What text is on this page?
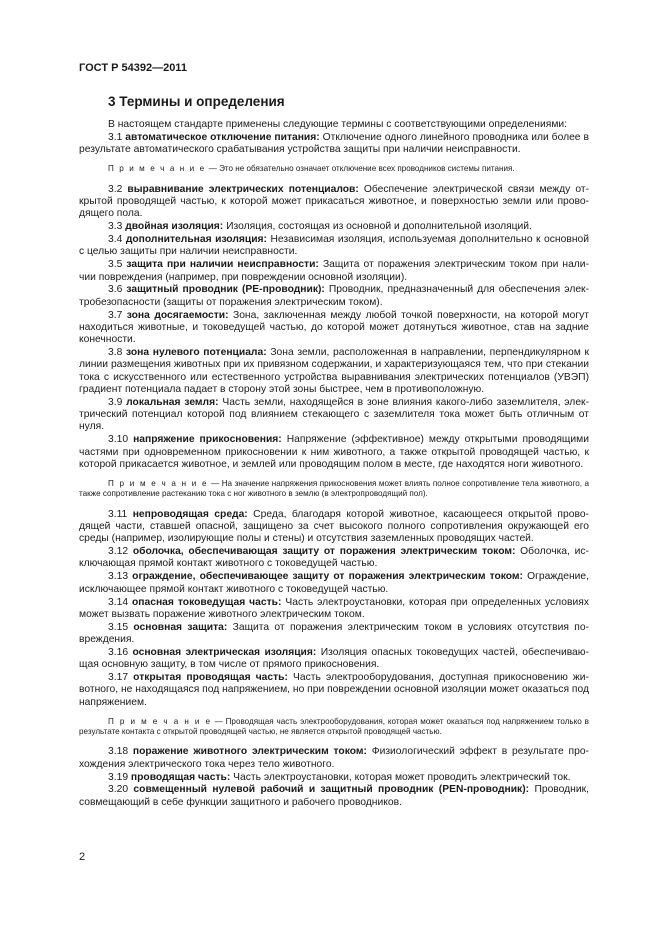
ГОСТ Р 54392—2011
3 Термины и определения

В настоящем стандарте применены следующие термины с соответствующими определениями:

3.1 автоматическое отключение питания: Отключение одного линейного проводника или более в результате автоматического срабатывания устройства защиты при наличии неисправности.

П р и м е ч а н и е — Это не обязательно означает отключение всех проводников системы питания.

3.2 выравнивание электрических потенциалов: Обеспечение электрической связи между открытой проводящей частью, к которой может прикасаться животное, и поверхностью земли или проводящего пола.

3.3 двойная изоляция: Изоляция, состоящая из основной и дополнительной изоляций.

3.4 дополнительная изоляция: Независимая изоляция, используемая дополнительно к основной с целью защиты при наличии неисправности.

3.5 защита при наличии неисправности: Защита от поражения электрическим током при наличии повреждения (например, при повреждении основной изоляции).

3.6 защитный проводник (PE-проводник): Проводник, предназначенный для обеспечения электробезопасности (защиты от поражения электрическим током).

3.7 зона досягаемости: Зона, заключенная между любой точкой поверхности, на которой могут находиться животные, и токоведущей частью, до которой может дотянуться животное, став на задние конечности.

3.8 зона нулевого потенциала: Зона земли, расположенная в направлении, перпендикулярном к линии размещения животных при их привязном содержании, и характеризующаяся тем, что при стекании тока с искусственного или естественного устройства выравнивания электрических потенциалов (УВЭП) градиент потенциала падает в сторону этой зоны быстрее, чем в противоположную.

3.9 локальная земля: Часть земли, находящейся в зоне влияния какого-либо заземлителя, электрический потенциал которой под влиянием стекающего с заземлителя тока может быть отличным от нуля.

3.10 напряжение прикосновения: Напряжение (эффективное) между открытыми проводящими частями при одновременном прикосновении к ним животного, а также открытой проводящей частью, к которой прикасается животное, и землей или проводящим полом в месте, где находятся ноги животного.

П р и м е ч а н и е — На значение напряжения прикосновения может влиять полное сопротивление тела животного, а также сопротивление растеканию тока с ног животного в землю (в электропроводящий пол).

3.11 непроводящая среда: Среда, благодаря которой животное, касающееся открытой проводящей части, ставшей опасной, защищено за счет высокого полного сопротивления окружающей его среды (например, изолирующие полы и стены) и отсутствия заземленных проводящих частей.

3.12 оболочка, обеспечивающая защиту от поражения электрическим током: Оболочка, исключающая прямой контакт животного с токоведущей частью.

3.13 ограждение, обеспечивающее защиту от поражения электрическим током: Ограждение, исключающее прямой контакт животного с токоведущей частью.

3.14 опасная токоведущая часть: Часть электроустановки, которая при определенных условиях может вызвать поражение животного электрическим током.

3.15 основная защита: Защита от поражения электрическим током в условиях отсутствия повреждения.

3.16 основная электрическая изоляция: Изоляция опасных токоведущих частей, обеспечивающая основную защиту, в том числе от прямого прикосновения.

3.17 открытая проводящая часть: Часть электрооборудования, доступная прикосновению животного, не находящаяся под напряжением, но при повреждении основной изоляции может оказаться под напряжением.

П р и м е ч а н и е — Проводящая часть электрооборудования, которая может оказаться под напряжением только в результате контакта с открытой проводящей частью, не является открытой проводящей частью.

3.18 поражение животного электрическим током: Физиологический эффект в результате прохождения электрического тока через тело животного.

3.19 проводящая часть: Часть электроустановки, которая может проводить электрический ток.

3.20 совмещенный нулевой рабочий и защитный проводник (PEN-проводник): Проводник, совмещающий в себе функции защитного и рабочего проводников.

2
